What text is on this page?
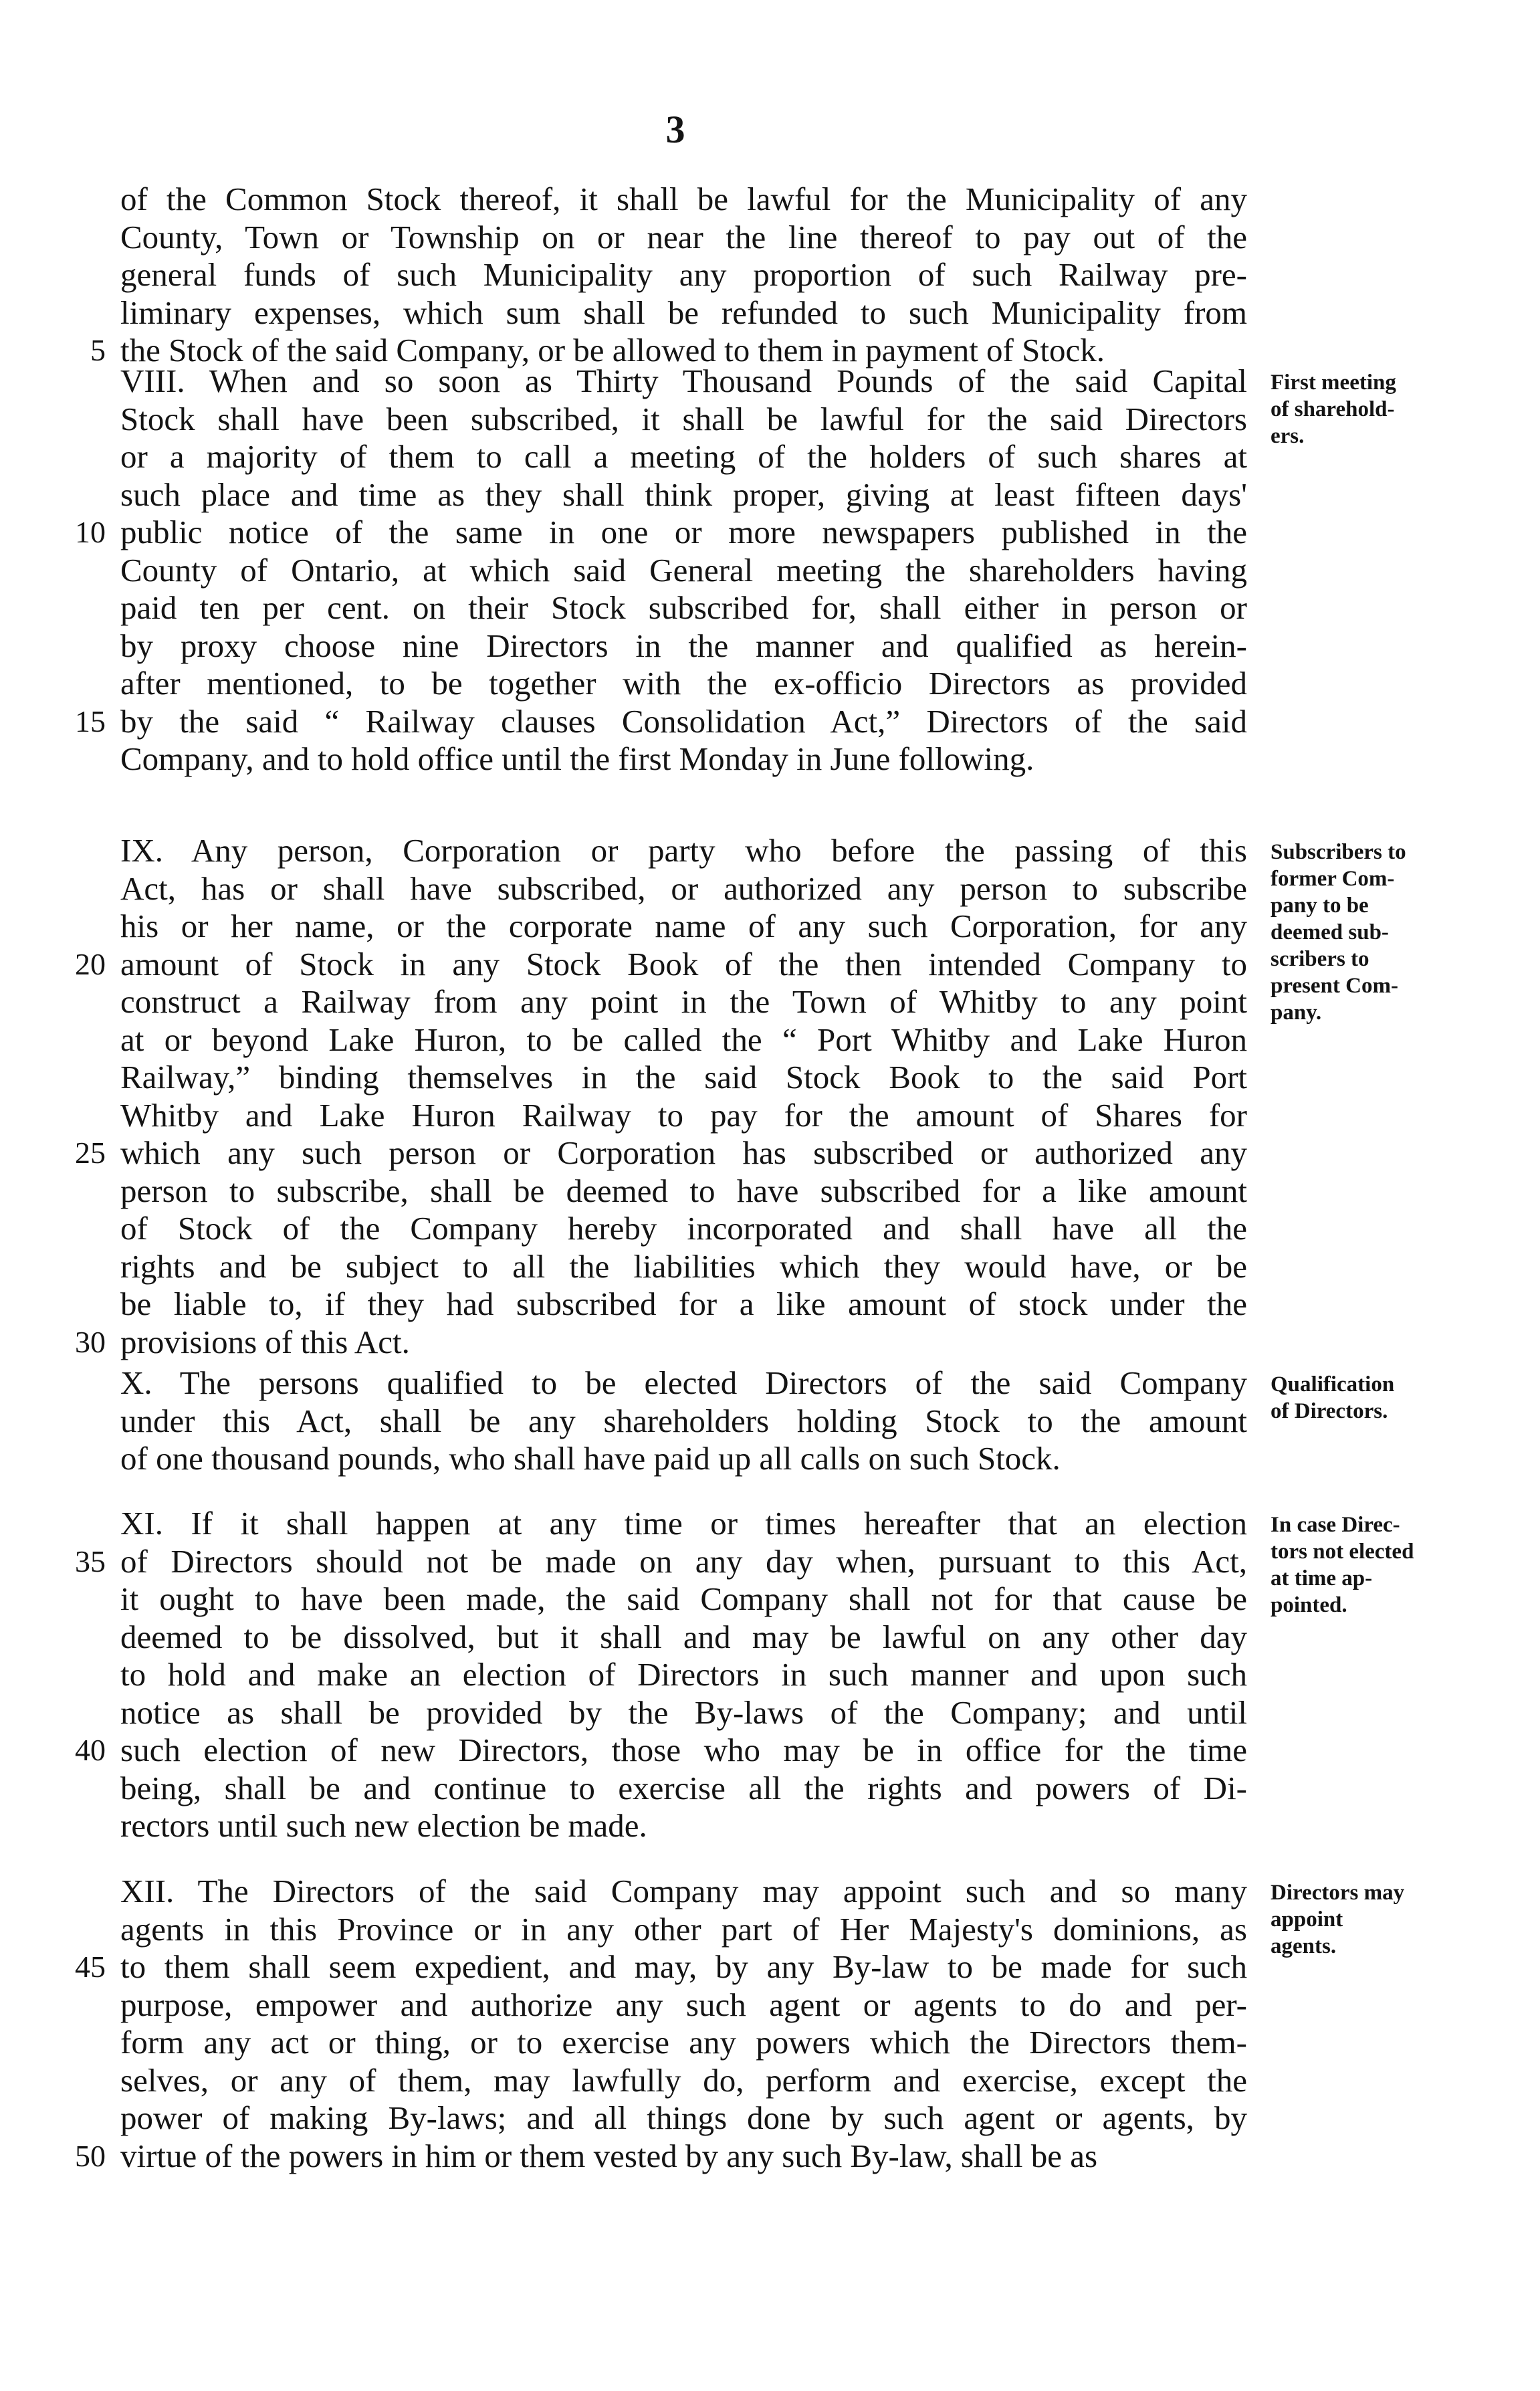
3
of the Common Stock thereof, it shall be lawful for the Municipality of any
County, Town or Township on or near the line thereof to pay out of the
general funds of such Municipality any proportion of such Railway pre-
liminary expenses, which sum shall be refunded to such Municipality from
5 the Stock of the said Company, or be allowed to them in payment of Stock.
VIII. When and so soon as Thirty Thousand Pounds of the said Capital
Stock shall have been subscribed, it shall be lawful for the said Directors
or a majority of them to call a meeting of the holders of such shares at
such place and time as they shall think proper, giving at least fifteen days'
10 public notice of the same in one or more newspapers published in the
County of Ontario, at which said General meeting the shareholders having
paid ten per cent. on their Stock subscribed for, shall either in person or
by proxy choose nine Directors in the manner and qualified as herein-
after mentioned, to be together with the ex-officio Directors as provided
15 by the said “ Railway clauses Consolidation Act,” Directors of the said
Company, and to hold office until the first Monday in June following.
First meeting
of sharehold-
ers.
IX. Any person, Corporation or party who before the passing of this
Act, has or shall have subscribed, or authorized any person to subscribe
his or her name, or the corporate name of any such Corporation, for any
20 amount of Stock in any Stock Book of the then intended Company to
construct a Railway from any point in the Town of Whitby to any point
at or beyond Lake Huron, to be called the “ Port Whitby and Lake Huron
Railway,” binding themselves in the said Stock Book to the said Port
Whitby and Lake Huron Railway to pay for the amount of Shares for
25 which any such person or Corporation has subscribed or authorized any
person to subscribe, shall be deemed to have subscribed for a like amount
of Stock of the Company hereby incorporated and shall have all the
rights and be subject to all the liabilities which they would have, or be
be liable to, if they had subscribed for a like amount of stock under the
30 provisions of this Act.
Subscribers to
former Com-
pany to be
deemed sub-
scribers to
present Com-
pany.
X. The persons qualified to be elected Directors of the said Company
under this Act, shall be any shareholders holding Stock to the amount
of one thousand pounds, who shall have paid up all calls on such Stock.
Qualification
of Directors.
XI. If it shall happen at any time or times hereafter that an election
35 of Directors should not be made on any day when, pursuant to this Act,
it ought to have been made, the said Company shall not for that cause be
deemed to be dissolved, but it shall and may be lawful on any other day
to hold and make an election of Directors in such manner and upon such
notice as shall be provided by the By-laws of the Company; and until
40 such election of new Directors, those who may be in office for the time
being, shall be and continue to exercise all the rights and powers of Di-
rectors until such new election be made.
In case Direc-
tors not elected
at time ap-
pointed.
XII. The Directors of the said Company may appoint such and so many
agents in this Province or in any other part of Her Majesty's dominions, as
45 to them shall seem expedient, and may, by any By-law to be made for such
purpose, empower and authorize any such agent or agents to do and per-
form any act or thing, or to exercise any powers which the Directors them-
selves, or any of them, may lawfully do, perform and exercise, except the
power of making By-laws; and all things done by such agent or agents, by
50 virtue of the powers in him or them vested by any such By-law, shall be as
Directors may
appoint
agents.
